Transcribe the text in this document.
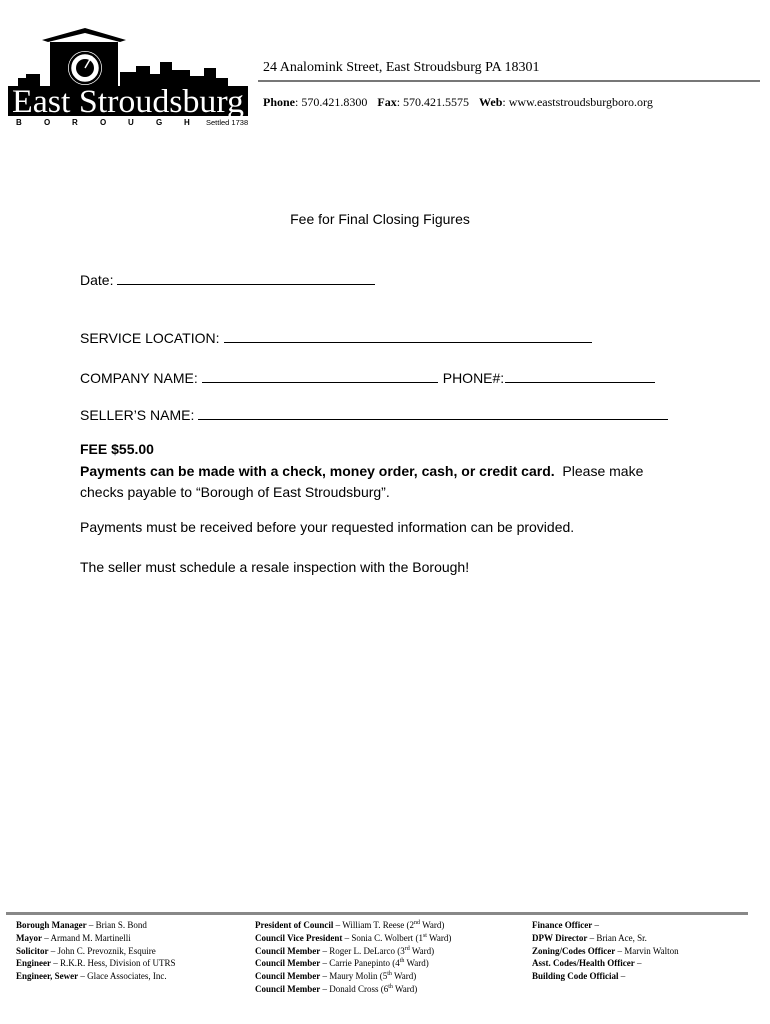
East Stroudsburg
B	O	R	O	U	G	H Settled 1738
24 Analomink Street, East Stroudsburg PA 18301
Phone: 570.421.8300 Fax: 570.421.5575 Web: www.eaststroudsburgboro.org
Fee for Final Closing Figures
Date:
SERVICE LOCATION:
COMPANY NAME:	PHONE#:
SELLER’S NAME:
FEE $55.00
Payments can be made with a check, money order, cash, or credit card. Please make checks payable to “Borough of East Stroudsburg”.
Payments must be received before your requested information can be provided.
The seller must schedule a resale inspection with the Borough!
Borough Manager – Brian S. Bond
Mayor – Armand M. Martinelli
Solicitor – John C. Prevoznik, Esquire
Engineer – R.K.R. Hess, Division of UTRS
Engineer, Sewer – Glace Associates, Inc.
President of Council – William T. Reese (2nd Ward)
Council Vice President – Sonia C. Wolbert (1st Ward)
Council Member – Roger L. DeLarco (3rd Ward)
Council Member – Carrie Panepinto (4th Ward)
Council Member – Maury Molin (5th Ward)
Council Member – Donald Cross (6th Ward)
Finance Officer –
DPW Director – Brian Ace, Sr.
Zoning/Codes Officer – Marvin Walton
Asst. Codes/Health Officer –
Building Code Official –
